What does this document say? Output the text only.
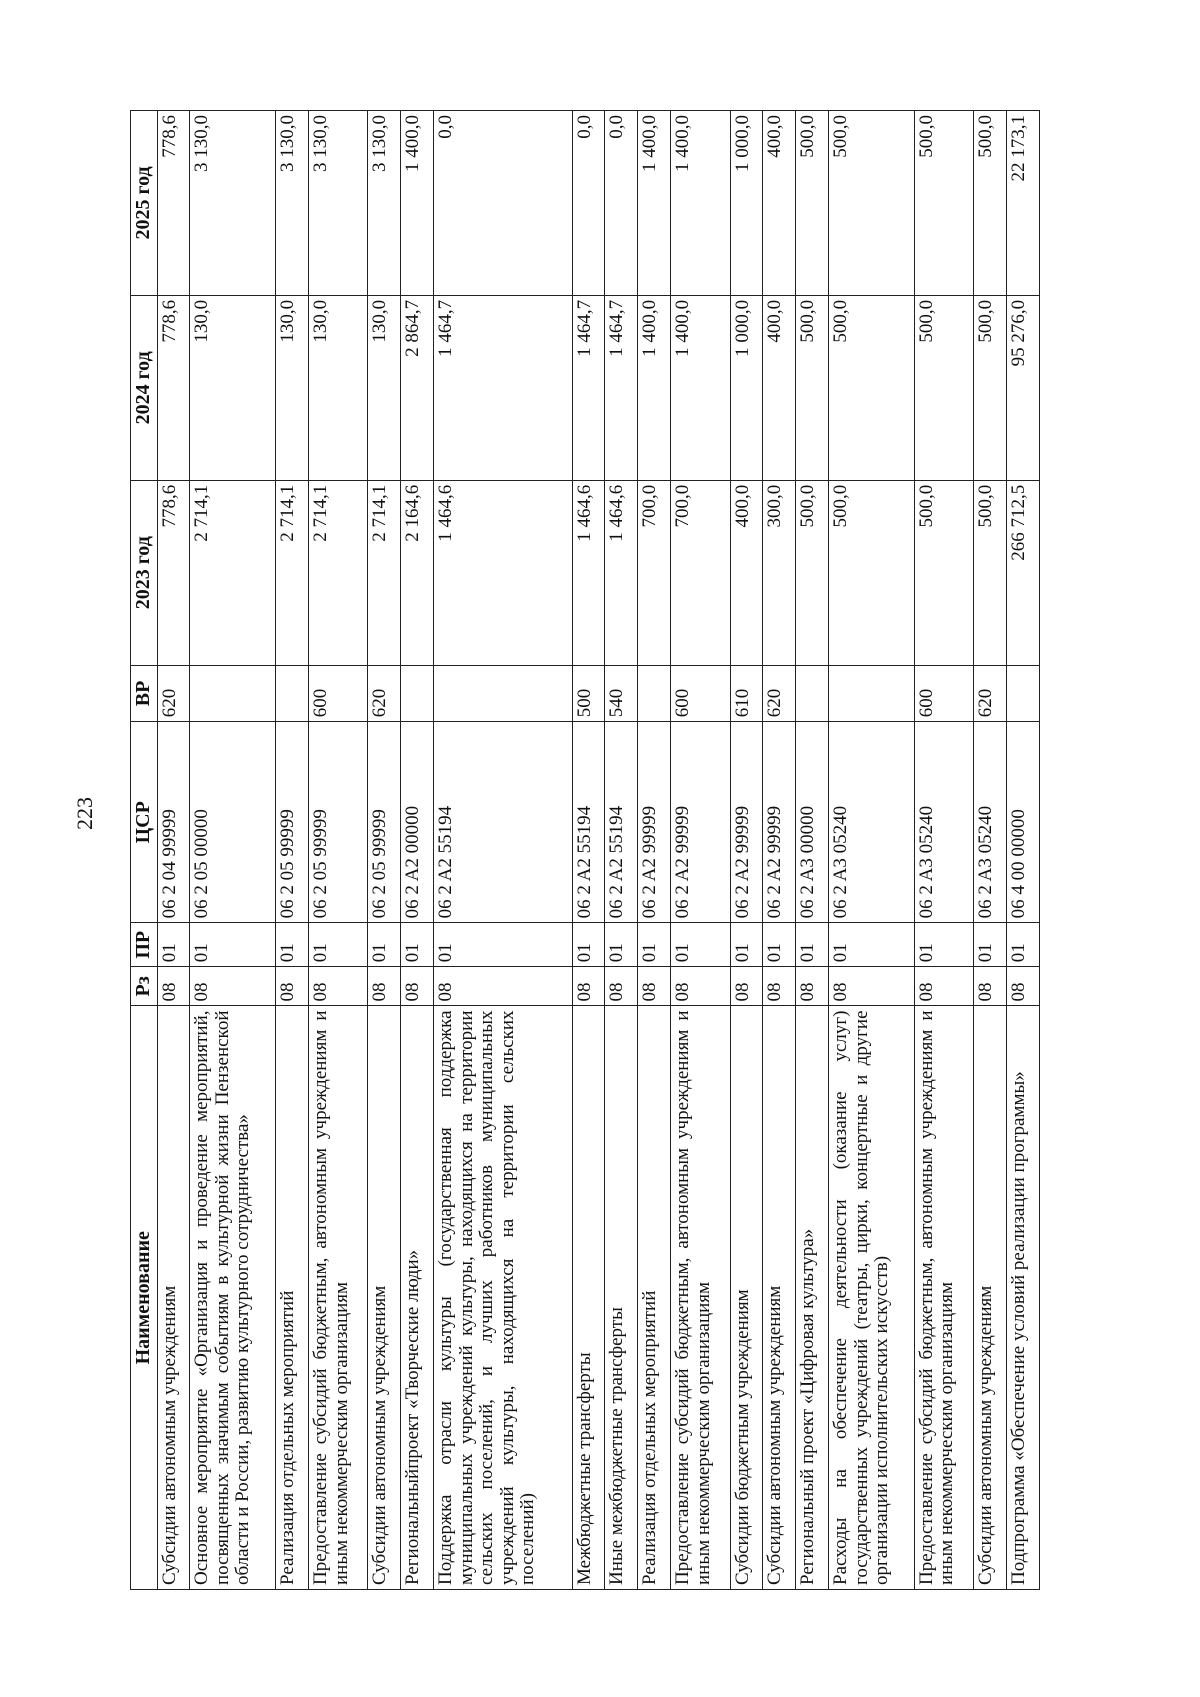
223

Наименование	Рз	ПР	ЦСР	ВР	2023 год	2024 год	2025 год
Субсидии автономным учреждениям	08	01	06 2 04 99999	620	778,6	778,6	778,6
Основное мероприятие «Организация и проведение мероприятий, посвященных значимым событиям в культурной жизни Пензенской области и России, развитию культурного сотрудничества»	08	01	06 2 05 00000		2 714,1	130,0	3 130,0
Реализация отдельных мероприятий	08	01	06 2 05 99999		2 714,1	130,0	3 130,0
Предоставление субсидий бюджетным, автономным учреждениям и иным некоммерческим организациям	08	01	06 2 05 99999	600	2 714,1	130,0	3 130,0
Субсидии автономным учреждениям	08	01	06 2 05 99999	620	2 714,1	130,0	3 130,0
Региональныйпроект «Творческие люди»	08	01	06 2 A2 00000		2 164,6	2 864,7	1 400,0
Поддержка отрасли культуры (государственная поддержка муниципальных учреждений культуры, находящихся на территории сельских поселений, и лучших работников муниципальных учреждений культуры, находящихся на территории сельских поселений)	08	01	06 2 A2 55194		1 464,6	1 464,7	0,0
Межбюджетные трансферты	08	01	06 2 A2 55194	500	1 464,6	1 464,7	0,0
Иные межбюджетные трансферты	08	01	06 2 A2 55194	540	1 464,6	1 464,7	0,0
Реализация отдельных мероприятий	08	01	06 2 A2 99999		700,0	1 400,0	1 400,0
Предоставление субсидий бюджетным, автономным учреждениям и иным некоммерческим организациям	08	01	06 2 A2 99999	600	700,0	1 400,0	1 400,0
Субсидии бюджетным учреждениям	08	01	06 2 A2 99999	610	400,0	1 000,0	1 000,0
Субсидии автономным учреждениям	08	01	06 2 A2 99999	620	300,0	400,0	400,0
Региональный проект «Цифровая культура»	08	01	06 2 A3 00000		500,0	500,0	500,0
Расходы на обеспечение деятельности (оказание услуг) государственных учреждений (театры, цирки, концертные и другие организации исполнительских искусств)	08	01	06 2 A3 05240		500,0	500,0	500,0
Предоставление субсидий бюджетным, автономным учреждениям и иным некоммерческим организациям	08	01	06 2 A3 05240	600	500,0	500,0	500,0
Субсидии автономным учреждениям	08	01	06 2 A3 05240	620	500,0	500,0	500,0
Подпрограмма «Обеспечение условий реализации программы»	08	01	06 4 00 00000		266 712,5	95 276,0	22 173,1
